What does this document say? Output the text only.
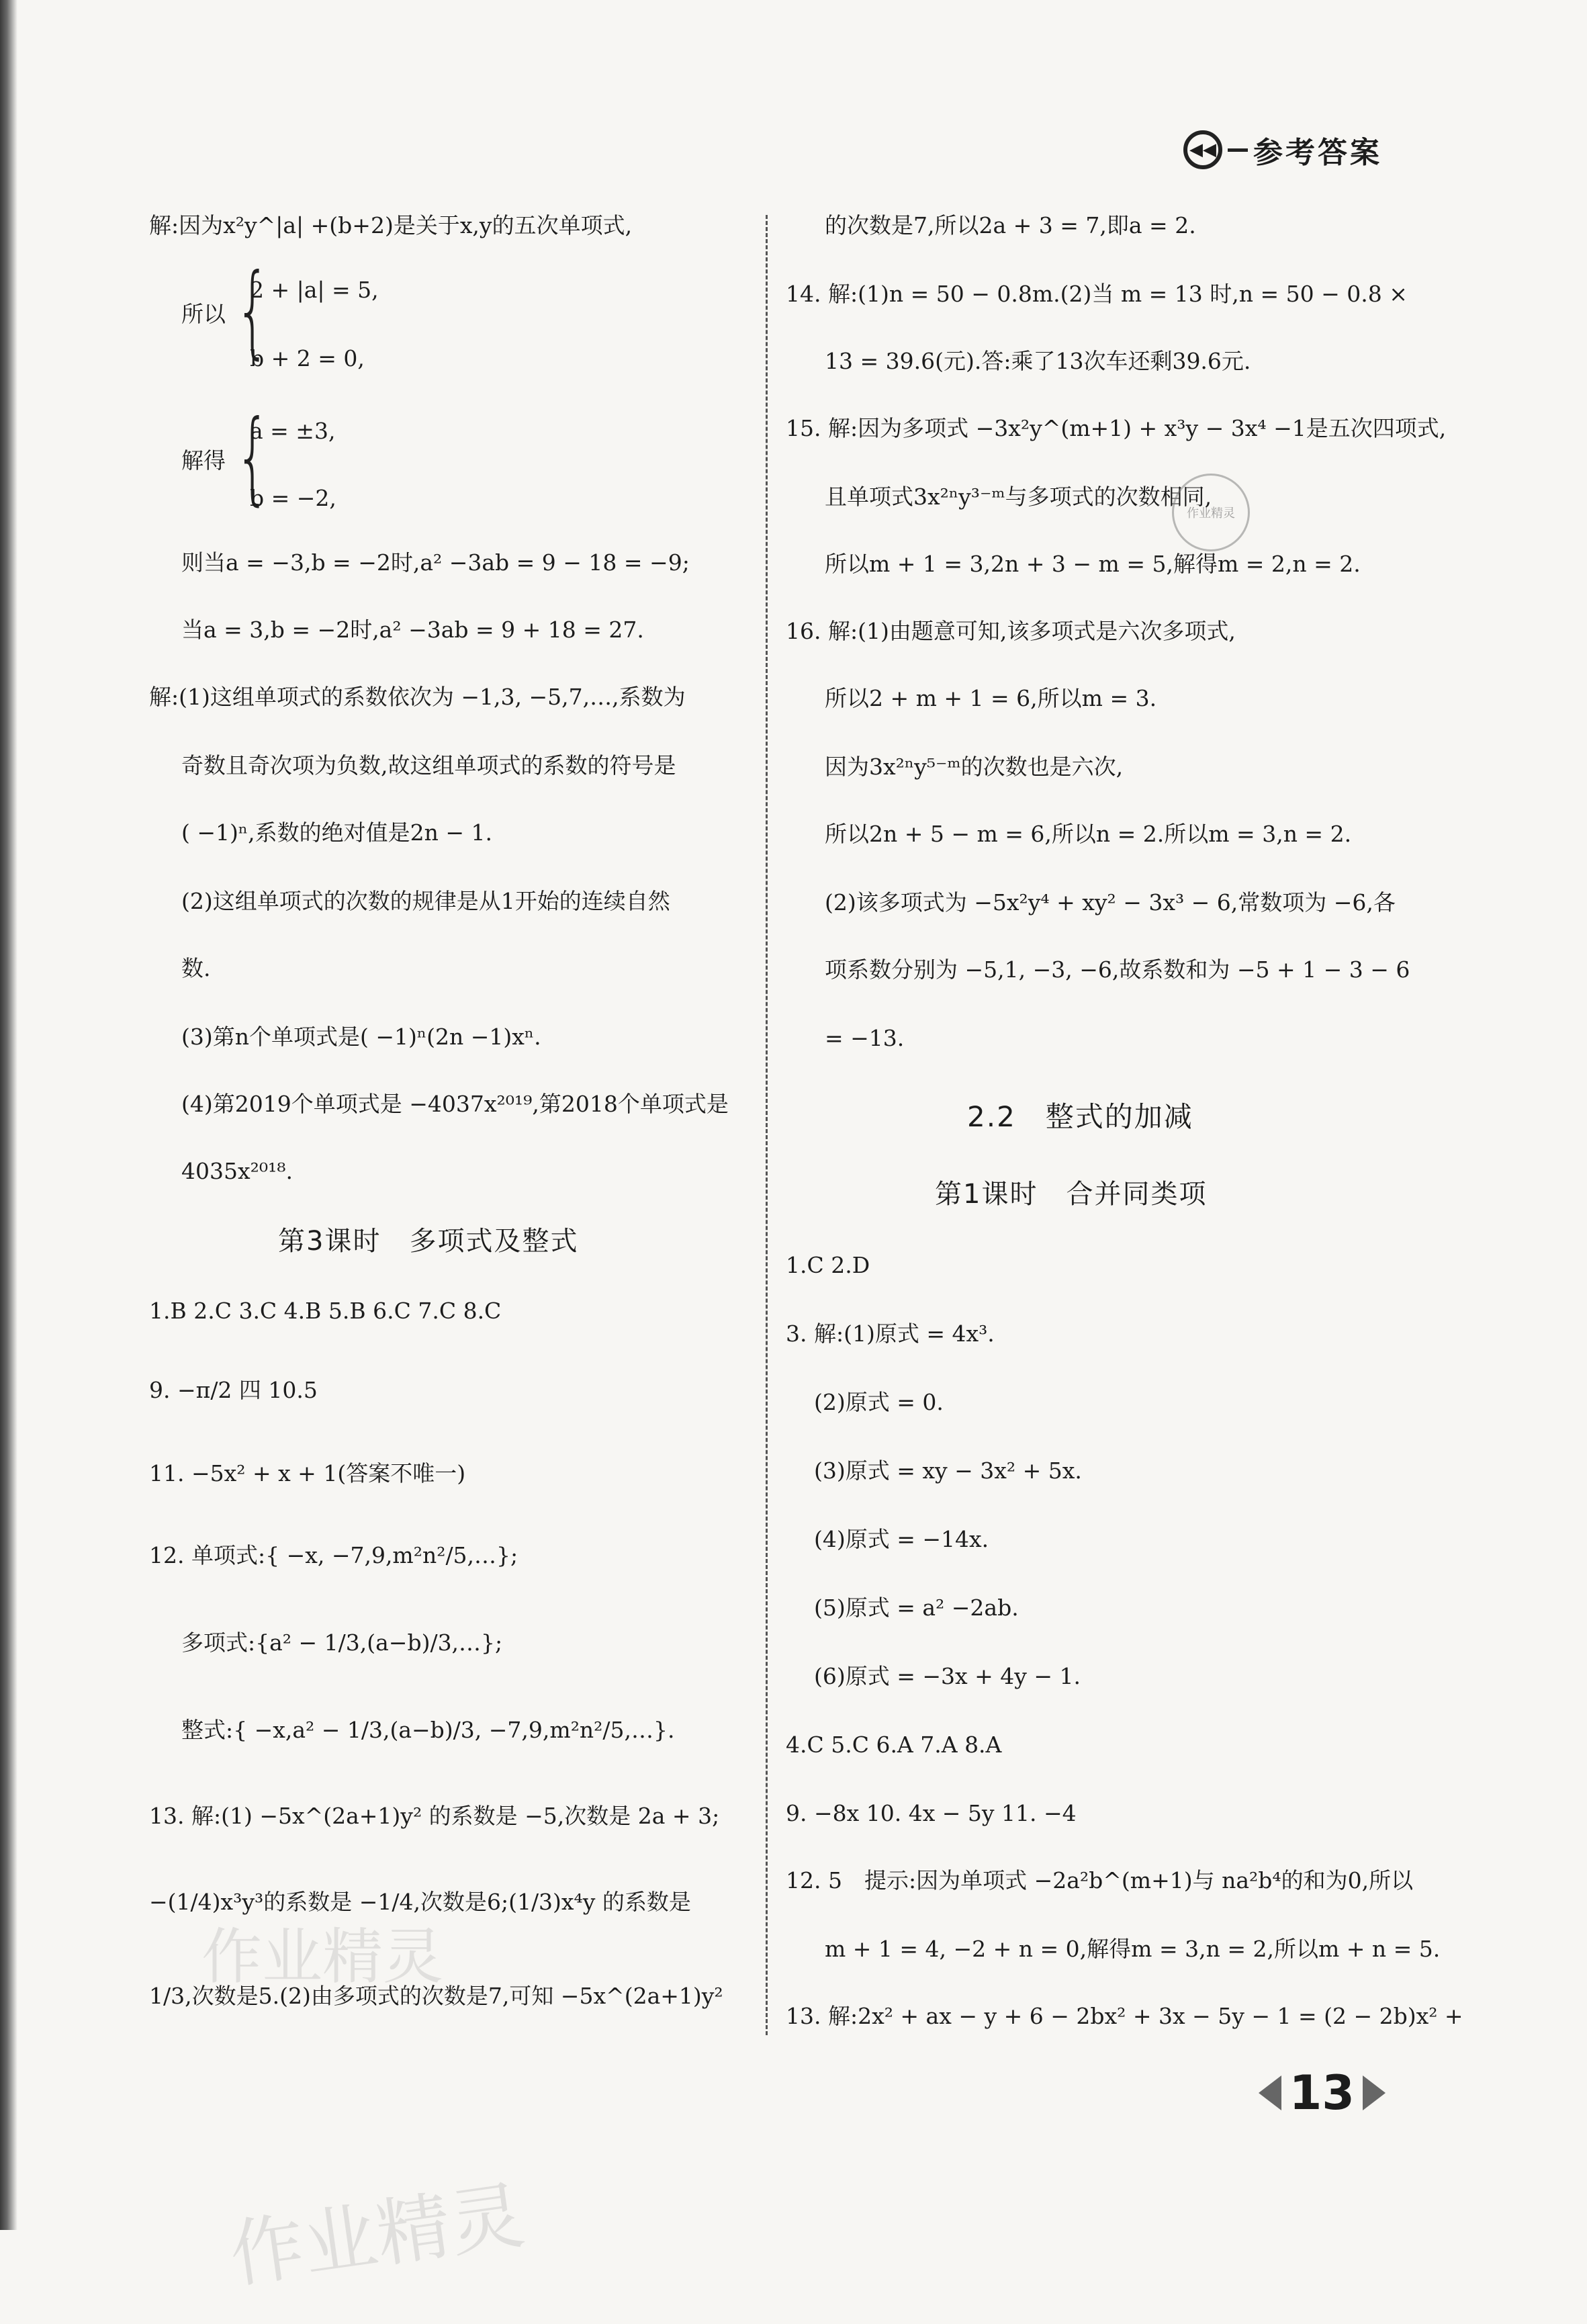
◀◀ 参考答案
解:因为x²y^|a| +(b+2)是关于x,y的五次单项式,
所以 {
2 + |a| = 5,
b + 2 = 0,
解得 {
a = ±3,
b = −2,
则当a = −3,b = −2时,a² −3ab = 9 − 18 = −9;
当a = 3,b = −2时,a² −3ab = 9 + 18 = 27.
解:(1)这组单项式的系数依次为 −1,3, −5,7,…,系数为
奇数且奇次项为负数,故这组单项式的系数的符号是
( −1)ⁿ,系数的绝对值是2n − 1.
(2)这组单项式的次数的规律是从1开始的连续自然
数.
(3)第n个单项式是( −1)ⁿ(2n −1)xⁿ.
(4)第2019个单项式是 −4037x²⁰¹⁹,第2018个单项式是
4035x²⁰¹⁸.
第3课时　多项式及整式
1.B 2.C 3.C 4.B 5.B 6.C 7.C 8.C
9. −π/2 四 10.5
11. −5x² + x + 1(答案不唯一)
12. 单项式:{ −x, −7,9,m²n²/5,…};
多项式:{a² − 1/3,(a−b)/3,…};
整式:{ −x,a² − 1/3,(a−b)/3, −7,9,m²n²/5,…}.
13. 解:(1) −5x^(2a+1)y² 的系数是 −5,次数是 2a + 3;
−(1/4)x³y³的系数是 −1/4,次数是6;(1/3)x⁴y 的系数是
1/3,次数是5.(2)由多项式的次数是7,可知 −5x^(2a+1)y²
的次数是7,所以2a + 3 = 7,即a = 2.
14. 解:(1)n = 50 − 0.8m.(2)当 m = 13 时,n = 50 − 0.8 ×
13 = 39.6(元).答:乘了13次车还剩39.6元.
15. 解:因为多项式 −3x²y^(m+1) + x³y − 3x⁴ −1是五次四项式,
且单项式3x²ⁿy³⁻ᵐ与多项式的次数相同,
所以m + 1 = 3,2n + 3 − m = 5,解得m = 2,n = 2.
16. 解:(1)由题意可知,该多项式是六次多项式,
所以2 + m + 1 = 6,所以m = 3.
因为3x²ⁿy⁵⁻ᵐ的次数也是六次,
所以2n + 5 − m = 6,所以n = 2.所以m = 3,n = 2.
(2)该多项式为 −5x²y⁴ + xy² − 3x³ − 6,常数项为 −6,各
项系数分别为 −5,1, −3, −6,故系数和为 −5 + 1 − 3 − 6
= −13.
2.2　整式的加减
第1课时　合并同类项
1.C 2.D
3. 解:(1)原式 = 4x³.
(2)原式 = 0.
(3)原式 = xy − 3x² + 5x.
(4)原式 = −14x.
(5)原式 = a² −2ab.
(6)原式 = −3x + 4y − 1.
4.C 5.C 6.A 7.A 8.A
9. −8x 10. 4x − 5y 11. −4
12. 5　提示:因为单项式 −2a²b^(m+1)与 na²b⁴的和为0,所以
m + 1 = 4, −2 + n = 0,解得m = 3,n = 2,所以m + n = 5.
13. 解:2x² + ax − y + 6 − 2bx² + 3x − 5y − 1 = (2 − 2b)x² +
作业精灵
作业精灵
作业精灵
13
